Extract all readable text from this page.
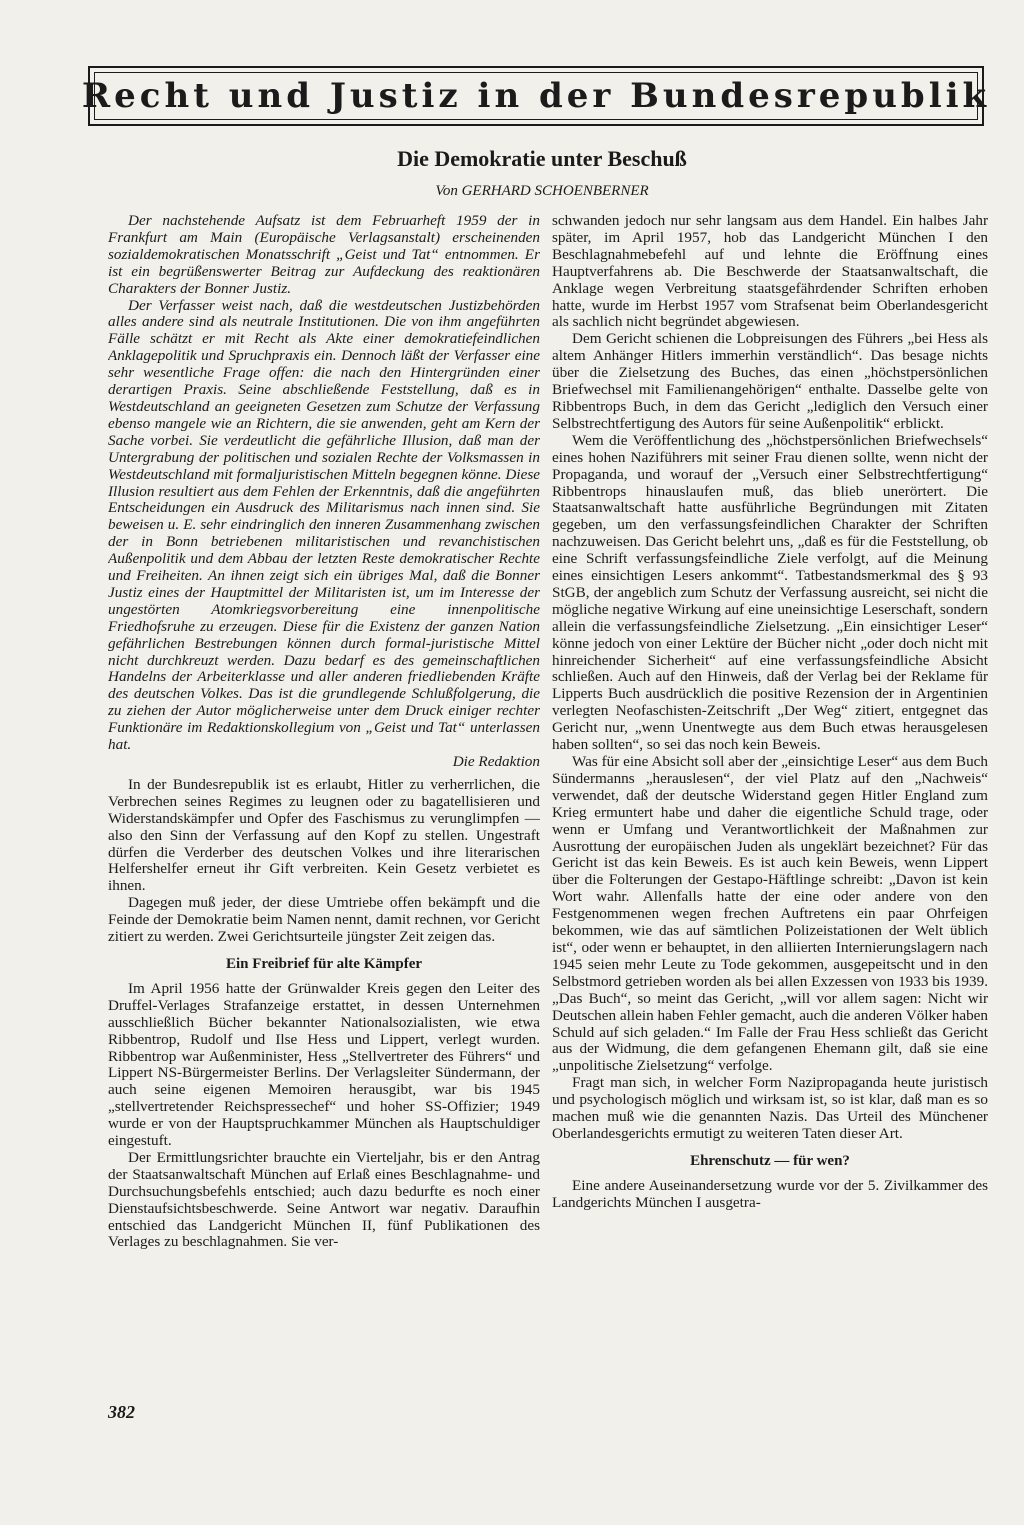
Recht und Justiz in der Bundesrepublik
Die Demokratie unter Beschuß
Von GERHARD SCHOENBERNER

Der nachstehende Aufsatz ist dem Februarheft 1959 der in Frankfurt am Main (Europäische Verlagsanstalt) erscheinenden sozialdemokratischen Monatsschrift „Geist und Tat“ entnommen. Er ist ein begrüßenswerter Beitrag zur Aufdeckung des reaktionären Charakters der Bonner Justiz.

Der Verfasser weist nach, daß die westdeutschen Justizbehörden alles andere sind als neutrale Institutionen. Die von ihm angeführten Fälle schätzt er mit Recht als Akte einer demokratiefeindlichen Anklagepolitik und Spruchpraxis ein. Dennoch läßt der Verfasser eine sehr wesentliche Frage offen: die nach den Hintergründen einer derartigen Praxis. Seine abschließende Feststellung, daß es in Westdeutschland an geeigneten Gesetzen zum Schutze der Verfassung ebenso mangele wie an Richtern, die sie anwenden, geht am Kern der Sache vorbei. Sie verdeutlicht die gefährliche Illusion, daß man der Untergrabung der politischen und sozialen Rechte der Volksmassen in Westdeutschland mit formaljuristischen Mitteln begegnen könne. Diese Illusion resultiert aus dem Fehlen der Erkenntnis, daß die angeführten Entscheidungen ein Ausdruck des Militarismus nach innen sind. Sie beweisen u. E. sehr eindringlich den inneren Zusammenhang zwischen der in Bonn betriebenen militaristischen und revanchistischen Außenpolitik und dem Abbau der letzten Reste demokratischer Rechte und Freiheiten. An ihnen zeigt sich ein übriges Mal, daß die Bonner Justiz eines der Hauptmittel der Militaristen ist, um im Interesse der ungestörten Atomkriegsvorbereitung eine innenpolitische Friedhofsruhe zu erzeugen. Diese für die Existenz der ganzen Nation gefährlichen Bestrebungen können durch formal-juristische Mittel nicht durchkreuzt werden. Dazu bedarf es des gemeinschaftlichen Handelns der Arbeiterklasse und aller anderen friedliebenden Kräfte des deutschen Volkes. Das ist die grundlegende Schlußfolgerung, die zu ziehen der Autor möglicherweise unter dem Druck einiger rechter Funktionäre im Redaktionskollegium von „Geist und Tat“ unterlassen hat.

Die Redaktion

In der Bundesrepublik ist es erlaubt, Hitler zu verherrlichen, die Verbrechen seines Regimes zu leugnen oder zu bagatellisieren und Widerstandskämpfer und Opfer des Faschismus zu verunglimpfen — also den Sinn der Verfassung auf den Kopf zu stellen. Ungestraft dürfen die Verderber des deutschen Volkes und ihre literarischen Helfershelfer erneut ihr Gift verbreiten. Kein Gesetz verbietet es ihnen.

Dagegen muß jeder, der diese Umtriebe offen bekämpft und die Feinde der Demokratie beim Namen nennt, damit rechnen, vor Gericht zitiert zu werden. Zwei Gerichtsurteile jüngster Zeit zeigen das.

Ein Freibrief für alte Kämpfer

Im April 1956 hatte der Grünwalder Kreis gegen den Leiter des Druffel-Verlages Strafanzeige erstattet, in dessen Unternehmen ausschließlich Bücher bekannter Nationalsozialisten, wie etwa Ribbentrop, Rudolf und Ilse Hess und Lippert, verlegt wurden. Ribbentrop war Außenminister, Hess „Stellvertreter des Führers“ und Lippert NS-Bürgermeister Berlins. Der Verlagsleiter Sündermann, der auch seine eigenen Memoiren herausgibt, war bis 1945 „stellvertretender Reichspressechef“ und hoher SS-Offizier; 1949 wurde er von der Hauptspruchkammer München als Hauptschuldiger eingestuft.

Der Ermittlungsrichter brauchte ein Vierteljahr, bis er den Antrag der Staatsanwaltschaft München auf Erlaß eines Beschlagnahme- und Durchsuchungsbefehls entschied; auch dazu bedurfte es noch einer Dienstaufsichtsbeschwerde. Seine Antwort war negativ. Daraufhin entschied das Landgericht München II, fünf Publikationen des Verlages zu beschlagnahmen. Sie ver-

schwanden jedoch nur sehr langsam aus dem Handel. Ein halbes Jahr später, im April 1957, hob das Landgericht München I den Beschlagnahmebefehl auf und lehnte die Eröffnung eines Hauptverfahrens ab. Die Beschwerde der Staatsanwaltschaft, die Anklage wegen Verbreitung staatsgefährdender Schriften erhoben hatte, wurde im Herbst 1957 vom Strafsenat beim Oberlandesgericht als sachlich nicht begründet abgewiesen.

Dem Gericht schienen die Lobpreisungen des Führers „bei Hess als altem Anhänger Hitlers immerhin verständlich“. Das besage nichts über die Zielsetzung des Buches, das einen „höchstpersönlichen Briefwechsel mit Familienangehörigen“ enthalte. Dasselbe gelte von Ribbentrops Buch, in dem das Gericht „lediglich den Versuch einer Selbstrechtfertigung des Autors für seine Außenpolitik“ erblickt.

Wem die Veröffentlichung des „höchstpersönlichen Briefwechsels“ eines hohen Naziführers mit seiner Frau dienen sollte, wenn nicht der Propaganda, und worauf der „Versuch einer Selbstrechtfertigung“ Ribbentrops hinauslaufen muß, das blieb unerörtert. Die Staatsanwaltschaft hatte ausführliche Begründungen mit Zitaten gegeben, um den verfassungsfeindlichen Charakter der Schriften nachzuweisen. Das Gericht belehrt uns, „daß es für die Feststellung, ob eine Schrift verfassungsfeindliche Ziele verfolgt, auf die Meinung eines einsichtigen Lesers ankommt“. Tatbestandsmerkmal des § 93 StGB, der angeblich zum Schutz der Verfassung ausreicht, sei nicht die mögliche negative Wirkung auf eine uneinsichtige Leserschaft, sondern allein die verfassungsfeindliche Zielsetzung. „Ein einsichtiger Leser“ könne jedoch von einer Lektüre der Bücher nicht „oder doch nicht mit hinreichender Sicherheit“ auf eine verfassungsfeindliche Absicht schließen. Auch auf den Hinweis, daß der Verlag bei der Reklame für Lipperts Buch ausdrücklich die positive Rezension der in Argentinien verlegten Neofaschisten-Zeitschrift „Der Weg“ zitiert, entgegnet das Gericht nur, „wenn Unentwegte aus dem Buch etwas herausgelesen haben sollten“, so sei das noch kein Beweis.

Was für eine Absicht soll aber der „einsichtige Leser“ aus dem Buch Sündermanns „herauslesen“, der viel Platz auf den „Nachweis“ verwendet, daß der deutsche Widerstand gegen Hitler England zum Krieg ermuntert habe und daher die eigentliche Schuld trage, oder wenn er Umfang und Verantwortlichkeit der Maßnahmen zur Ausrottung der europäischen Juden als ungeklärt bezeichnet? Für das Gericht ist das kein Beweis. Es ist auch kein Beweis, wenn Lippert über die Folterungen der Gestapo-Häftlinge schreibt: „Davon ist kein Wort wahr. Allenfalls hatte der eine oder andere von den Festgenommenen wegen frechen Auftretens ein paar Ohrfeigen bekommen, wie das auf sämtlichen Polizeistationen der Welt üblich ist“, oder wenn er behauptet, in den alliierten Internierungslagern nach 1945 seien mehr Leute zu Tode gekommen, ausgepeitscht und in den Selbstmord getrieben worden als bei allen Exzessen von 1933 bis 1939. „Das Buch“, so meint das Gericht, „will vor allem sagen: Nicht wir Deutschen allein haben Fehler gemacht, auch die anderen Völker haben Schuld auf sich geladen.“ Im Falle der Frau Hess schließt das Gericht aus der Widmung, die dem gefangenen Ehemann gilt, daß sie eine „unpolitische Zielsetzung“ verfolge.

Fragt man sich, in welcher Form Nazipropaganda heute juristisch und psychologisch möglich und wirksam ist, so ist klar, daß man es so machen muß wie die genannten Nazis. Das Urteil des Münchener Oberlandesgerichts ermutigt zu weiteren Taten dieser Art.

Ehrenschutz — für wen?

Eine andere Auseinandersetzung wurde vor der 5. Zivilkammer des Landgerichts München I ausgetra-

382
